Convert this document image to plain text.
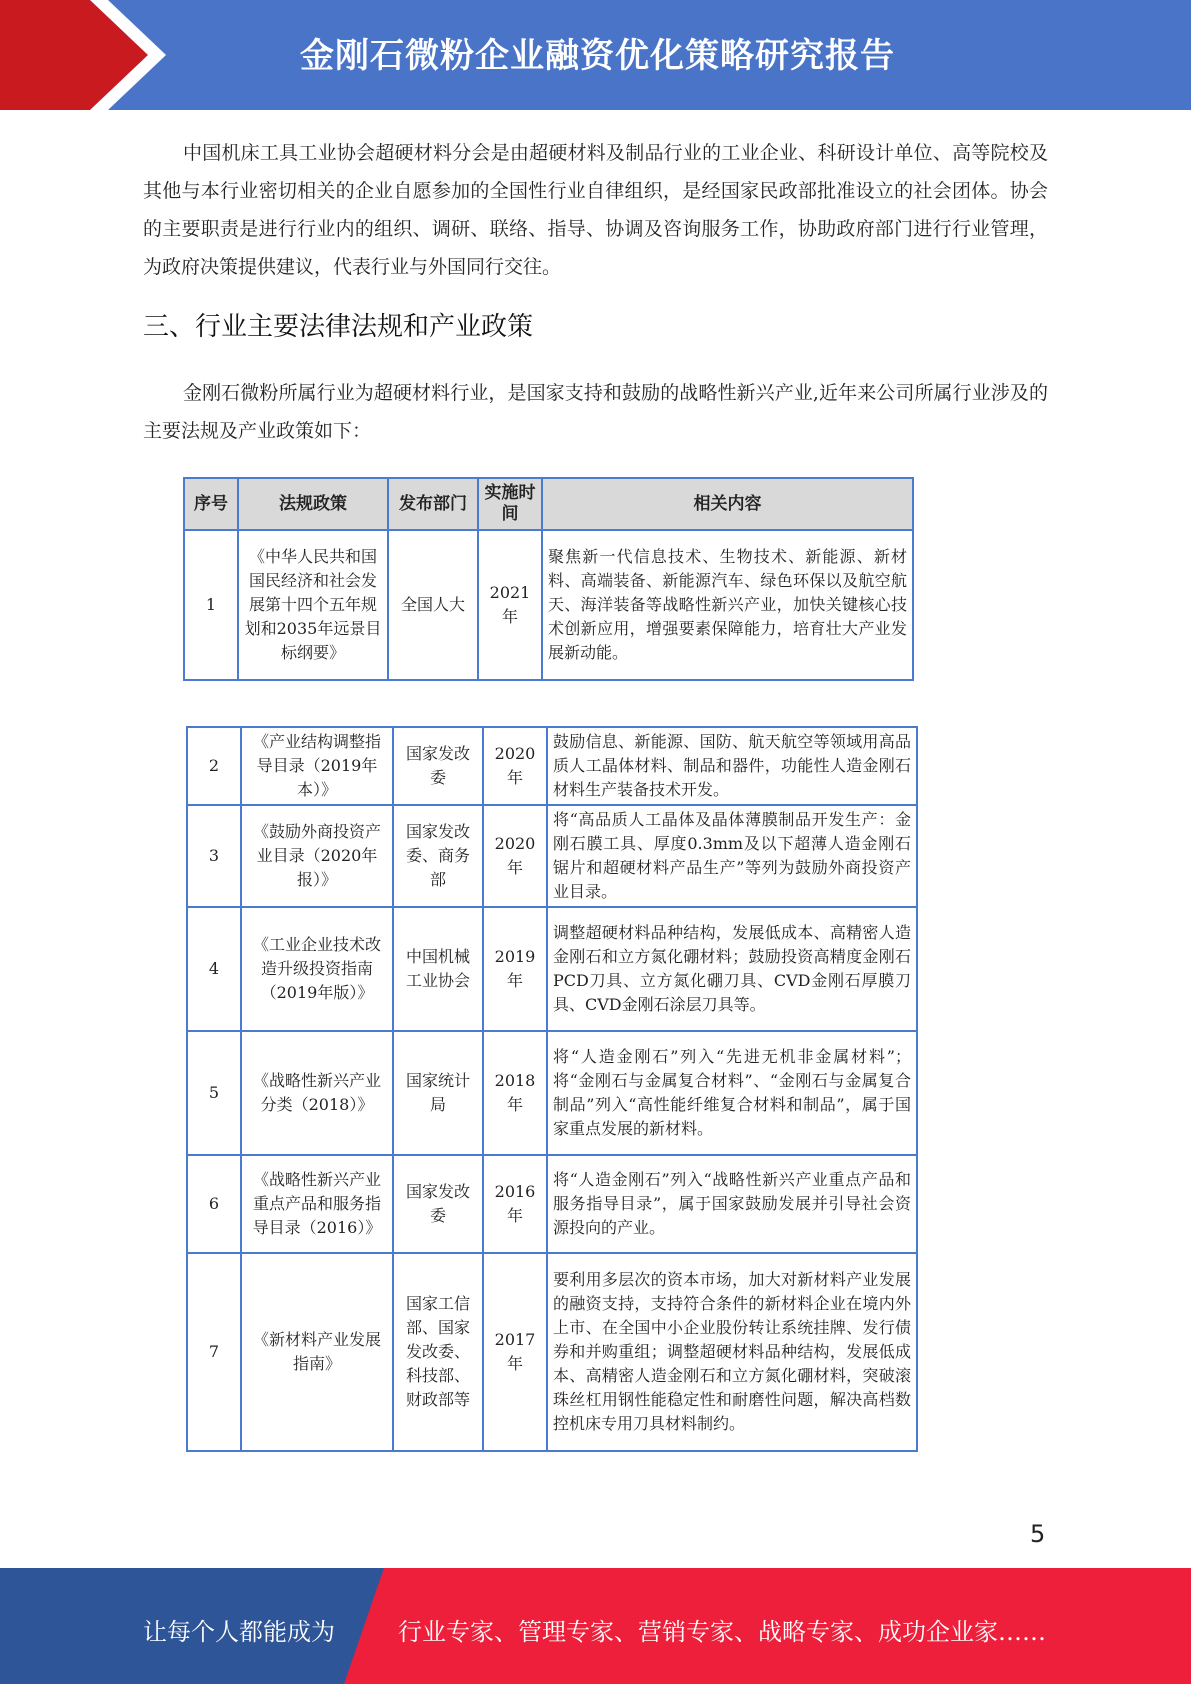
金刚石微粉企业融资优化策略研究报告
中国机床工具工业协会超硬材料分会是由超硬材料及制品行业的工业企业、科研设计单位、高等院校及其他与本行业密切相关的企业自愿参加的全国性行业自律组织，是经国家民政部批准设立的社会团体。协会的主要职责是进行行业内的组织、调研、联络、指导、协调及咨询服务工作，协助政府部门进行行业管理，为政府决策提供建议，代表行业与外国同行交往。
三、行业主要法律法规和产业政策
金刚石微粉所属行业为超硬材料行业，是国家支持和鼓励的战略性新兴产业,近年来公司所属行业涉及的主要法规及产业政策如下：
序号	法规政策	发布部门	实施时间	相关内容
1	《中华人民共和国国民经济和社会发展第十四个五年规划和2035年远景目标纲要》	全国人大	2021年	聚焦新一代信息技术、生物技术、新能源、新材料、高端装备、新能源汽车、绿色环保以及航空航天、海洋装备等战略性新兴产业，加快关键核心技术创新应用，增强要素保障能力，培育壮大产业发展新动能。
2	《产业结构调整指导目录（2019年本）》	国家发改委	2020年	鼓励信息、新能源、国防、航天航空等领域用高品质人工晶体材料、制品和器件，功能性人造金刚石材料生产装备技术开发。
3	《鼓励外商投资产业目录（2020年报）》	国家发改委、商务部	2020年	将“高品质人工晶体及晶体薄膜制品开发生产：金刚石膜工具、厚度0.3mm及以下超薄人造金刚石锯片和超硬材料产品生产”等列为鼓励外商投资产业目录。
4	《工业企业技术改造升级投资指南（2019年版）》	中国机械工业协会	2019年	调整超硬材料品种结构，发展低成本、高精密人造金刚石和立方氮化硼材料；鼓励投资高精度金刚石PCD刀具、立方氮化硼刀具、CVD金刚石厚膜刀具、CVD金刚石涂层刀具等。
5	《战略性新兴产业分类（2018）》	国家统计局	2018年	将“人造金刚石”列入“先进无机非金属材料”；将“金刚石与金属复合材料”、“金刚石与金属复合制品”列入“高性能纤维复合材料和制品”，属于国家重点发展的新材料。
6	《战略性新兴产业重点产品和服务指导目录（2016）》	国家发改委	2016年	将“人造金刚石”列入“战略性新兴产业重点产品和服务指导目录”，属于国家鼓励发展并引导社会资源投向的产业。
7	《新材料产业发展指南》	国家工信部、国家发改委、科技部、财政部等	2017年	要利用多层次的资本市场，加大对新材料产业发展的融资支持，支持符合条件的新材料企业在境内外上市、在全国中小企业股份转让系统挂牌、发行债券和并购重组；调整超硬材料品种结构，发展低成本、高精密人造金刚石和立方氮化硼材料，突破滚珠丝杠用钢性能稳定性和耐磨性问题，解决高档数控机床专用刀具材料制约。
5
让每个人都能成为	行业专家、管理专家、营销专家、战略专家、成功企业家……
